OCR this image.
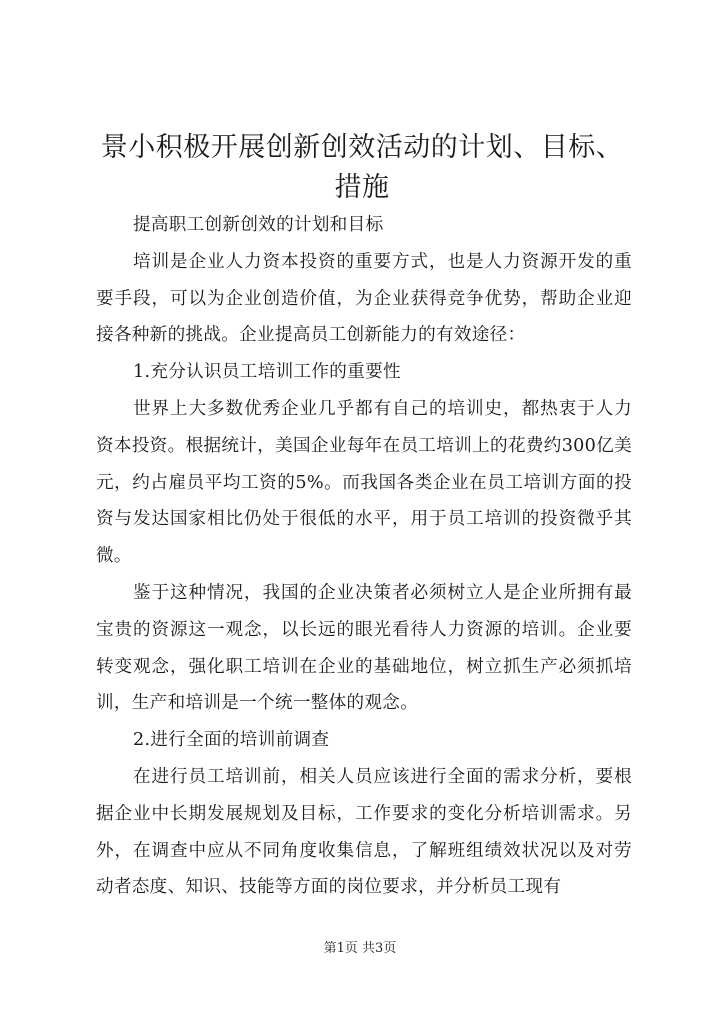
景小积极开展创新创效活动的计划、目标、措施

提高职工创新创效的计划和目标

培训是企业人力资本投资的重要方式，也是人力资源开发的重要手段，可以为企业创造价值，为企业获得竞争优势，帮助企业迎接各种新的挑战。企业提高员工创新能力的有效途径：

1.充分认识员工培训工作的重要性

世界上大多数优秀企业几乎都有自己的培训史，都热衷于人力资本投资。根据统计，美国企业每年在员工培训上的花费约300亿美元，约占雇员平均工资的5%。而我国各类企业在员工培训方面的投资与发达国家相比仍处于很低的水平，用于员工培训的投资微乎其微。

鉴于这种情况，我国的企业决策者必须树立人是企业所拥有最宝贵的资源这一观念，以长远的眼光看待人力资源的培训。企业要转变观念，强化职工培训在企业的基础地位，树立抓生产必须抓培训，生产和培训是一个统一整体的观念。

2.进行全面的培训前调查

在进行员工培训前，相关人员应该进行全面的需求分析，要根据企业中长期发展规划及目标，工作要求的变化分析培训需求。另外，在调查中应从不同角度收集信息，了解班组绩效状况以及对劳动者态度、知识、技能等方面的岗位要求，并分析员工现有

第1页 共3页
